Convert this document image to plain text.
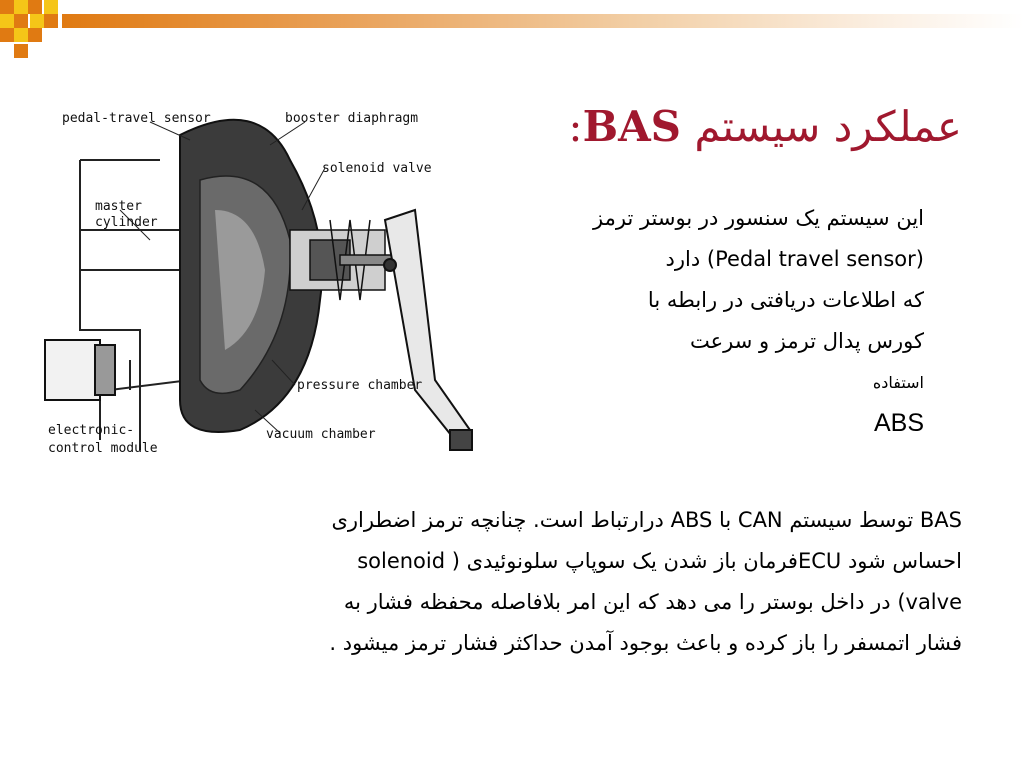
عملکرد سیستم BAS:
pedal-travel sensor	booster diaphragm
solenoid valve
master
cylinder
pressure chamber
electronic-
control module
vacuum chamber
این سیستم یک سنسور در بوستر ترمز
(Pedal travel sensor) دارد
که اطلاعات دریافتی در رابطه با
کورس پدال ترمز و سرعت
استفاده
ABS
BAS توسط سیستم CAN با ABS درارتباط است. چنانچه ترمز اضطراری
احساس شود ECUفرمان باز شدن یک سوپاپ سلونوئیدی ( solenoid
valve) در داخل بوستر را می دهد که این امر بلافاصله محفظه فشار به
فشار اتمسفر را باز کرده و باعث بوجود آمدن حداکثر فشار ترمز میشود .
